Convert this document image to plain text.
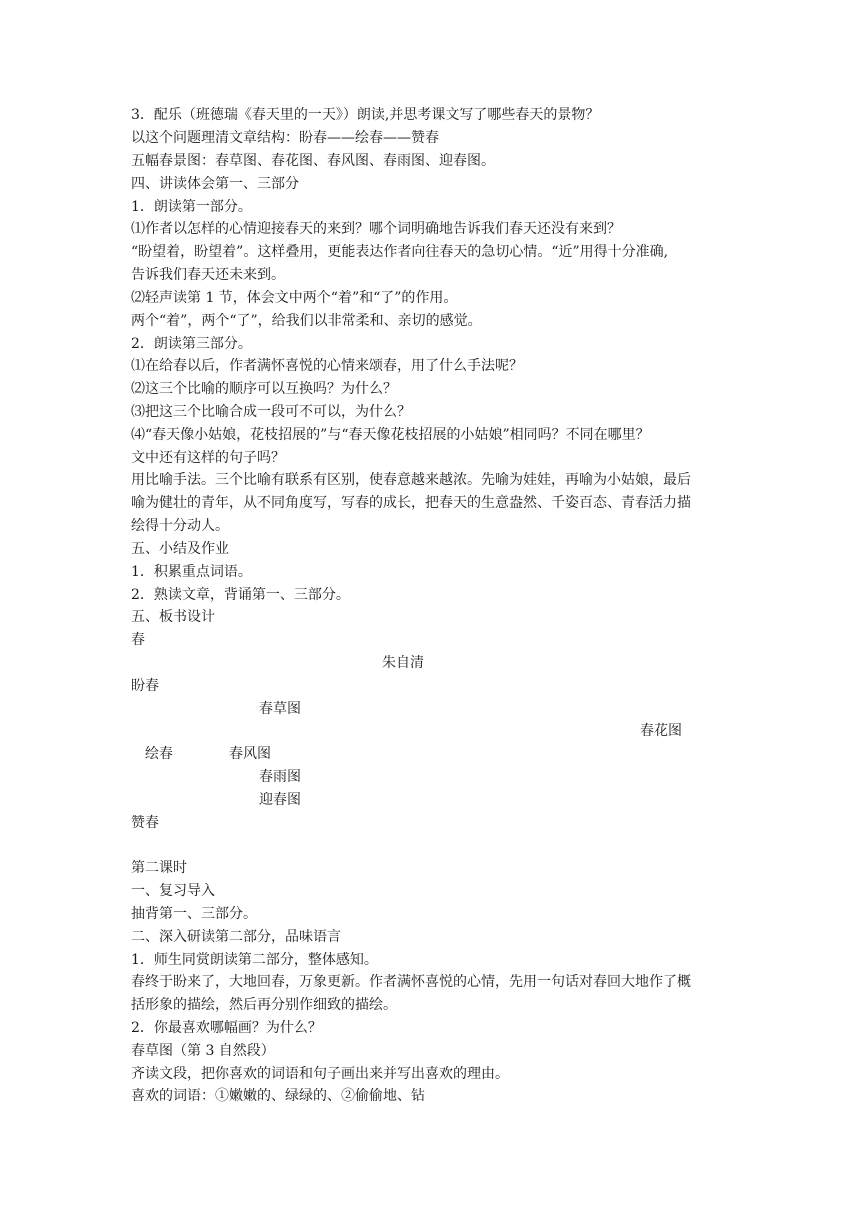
3．配乐（班德瑞《春天里的一天》）朗读,并思考课文写了哪些春天的景物？
以这个问题理清文章结构：盼春——绘春——赞春
五幅春景图：春草图、春花图、春风图、春雨图、迎春图。
四、讲读体会第一、三部分
1．朗读第一部分。
⑴作者以怎样的心情迎接春天的来到？哪个词明确地告诉我们春天还没有来到？
“盼望着，盼望着”。这样叠用，更能表达作者向往春天的急切心情。“近”用得十分准确,
告诉我们春天还未来到。
⑵轻声读第 1 节，体会文中两个“着”和“了”的作用。
两个“着”，两个“了”，给我们以非常柔和、亲切的感觉。
2．朗读第三部分。
⑴在给春以后，作者满怀喜悦的心情来颂春，用了什么手法呢？
⑵这三个比喻的顺序可以互换吗？为什么？
⑶把这三个比喻合成一段可不可以，为什么？
⑷“春天像小姑娘，花枝招展的”与“春天像花枝招展的小姑娘”相同吗？不同在哪里？
文中还有这样的句子吗？
用比喻手法。三个比喻有联系有区别，使春意越来越浓。先喻为娃娃，再喻为小姑娘，最后
喻为健壮的青年，从不同角度写，写春的成长，把春天的生意盎然、千姿百态、青春活力描
绘得十分动人。
五、小结及作业
1．积累重点词语。
2．熟读文章，背诵第一、三部分。
五、板书设计
春
朱自清
盼春
春草图
春花图
绘春	春风图
春雨图
迎春图
赞春
第二课时
一、复习导入
抽背第一、三部分。
二、深入研读第二部分，品味语言
1．师生同赏朗读第二部分，整体感知。
春终于盼来了，大地回春，万象更新。作者满怀喜悦的心情，先用一句话对春回大地作了概
括形象的描绘，然后再分别作细致的描绘。
2．你最喜欢哪幅画？为什么？
春草图（第 3 自然段）
齐读文段，把你喜欢的词语和句子画出来并写出喜欢的理由。
喜欢的词语：①嫩嫩的、绿绿的、②偷偷地、钻
